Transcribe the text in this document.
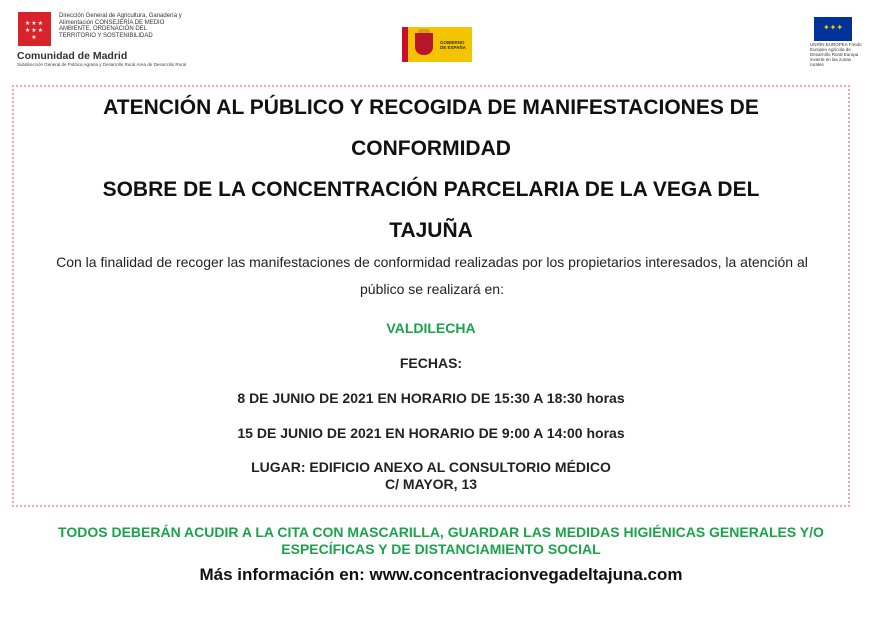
★★★
★★★
★
Dirección General de Agricultura, Ganadería y Alimentación CONSEJERÍA DE MEDIO AMBIENTE, ORDENACIÓN DEL TERRITORIO Y SOSTENIBILIDAD
Comunidad de Madrid
Subdirección General de Política Agraria y Desarrollo Rural Área de Desarrollo Rural
GOBIERNO DE ESPAÑA
✦✦✦
UNIÓN EUROPEA Fondo Europeo Agrícola de Desarrollo Rural Europa invierte en las zonas rurales
ATENCIÓN AL PÚBLICO Y RECOGIDA DE MANIFESTACIONES DE
CONFORMIDAD
SOBRE DE LA CONCENTRACIÓN PARCELARIA DE LA VEGA DEL
TAJUÑA
Con la finalidad de recoger las manifestaciones de conformidad realizadas por los propietarios interesados, la atención al público se realizará en:
VALDILECHA
FECHAS:
8 DE JUNIO DE 2021 EN HORARIO DE 15:30 A 18:30 horas
15 DE JUNIO DE 2021 EN HORARIO DE 9:00 A 14:00 horas
LUGAR: EDIFICIO ANEXO AL CONSULTORIO MÉDICO
C/ MAYOR, 13
TODOS DEBERÁN ACUDIR A LA CITA CON MASCARILLA, GUARDAR LAS MEDIDAS HIGIÉNICAS GENERALES Y/O ESPECÍFICAS Y DE DISTANCIAMIENTO SOCIAL
Más información en: www.concentracionvegadeltajuna.com
